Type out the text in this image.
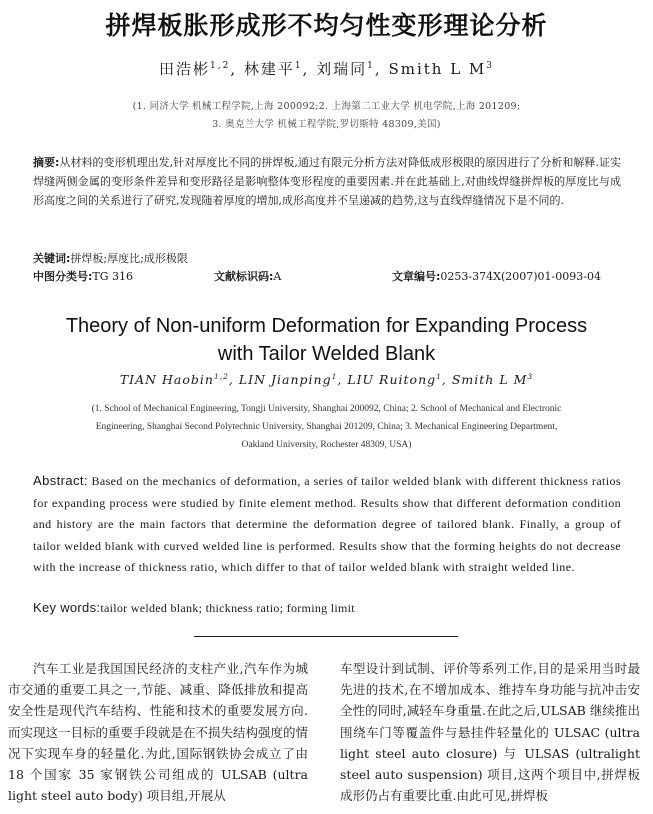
拼焊板胀形成形不均匀性变形理论分析
田浩彬$^{1,2}$, 林建平$^1$, 刘瑞同$^1$, Smith L $M^3$
(1. 同济大学 机械工程学院,上海 200092;2. 上海第二工业大学 机电学院,上海 201209;
3. 奥克兰大学 机械工程学院,罗切斯特 48309,美国)
摘要:从材料的变形机理出发,针对厚度比不同的拼焊板,通过有限元分析方法对降低成形极限的原因进行了分析和解释.证实焊缝两侧金属的变形条件差异和变形路径是影响整体变形程度的重要因素.并在此基础上,对曲线焊缝拼焊板的厚度比与成形高度之间的关系进行了研究,发现随着厚度的增加,成形高度并不呈递减的趋势,这与直线焊缝情况下是不同的.
关键词:拼焊板;厚度比;成形极限
中图分类号:TG 316	文献标识码:A	文章编号:0253-374X(2007)01-0093-04
Theory of Non-uniform Deformation for Expanding Process
with Tailor Welded Blank
TIAN Haobin$^{1,2}$, LIN Jianping$^1$, LIU Ruitong$^1$, Smith L $M^3$
(1. School of Mechanical Engineering, Tongji University, Shanghai 200092, China; 2. School of Mechanical and Electronic
Engineering, Shanghai Second Polytechnic University, Shanghai 201209, China; 3. Mechanical Engineering Department,
Oakland University, Rochester 48309, USA)
Abstract: Based on the mechanics of deformation, a series of tailor welded blank with different thickness ratios for expanding process were studied by finite element method. Results show that different deformation condition and history are the main factors that determine the deformation degree of tailored blank. Finally, a group of tailor welded blank with curved welded line is performed. Results show that the forming heights do not decrease with the increase of thickness ratio, which differ to that of tailor welded blank with straight welded line.
Key words:tailor welded blank; thickness ratio; forming limit
汽车工业是我国国民经济的支柱产业,汽车作为城市交通的重要工具之一,节能、减重、降低排放和提高安全性是现代汽车结构、性能和技术的重要发展方向.而实现这一目标的重要手段就是在不损失结构强度的情况下实现车身的轻量化.为此,国际钢铁协会成立了由 18 个国家 35 家钢铁公司组成的 ULSAB (ultra light steel auto body) 项目组,开展从
车型设计到试制、评价等系列工作,目的是采用当时最先进的技术,在不增加成本、维持车身功能与抗冲击安全性的同时,减轻车身重量.在此之后,ULSAB 继续推出围绕车门等覆盖件与悬挂件轻量化的 ULSAC (ultra light steel auto closure) 与 ULSAS (ultralight steel auto suspension) 项目,这两个项目中,拼焊板成形仍占有重要比重.由此可见,拼焊板
